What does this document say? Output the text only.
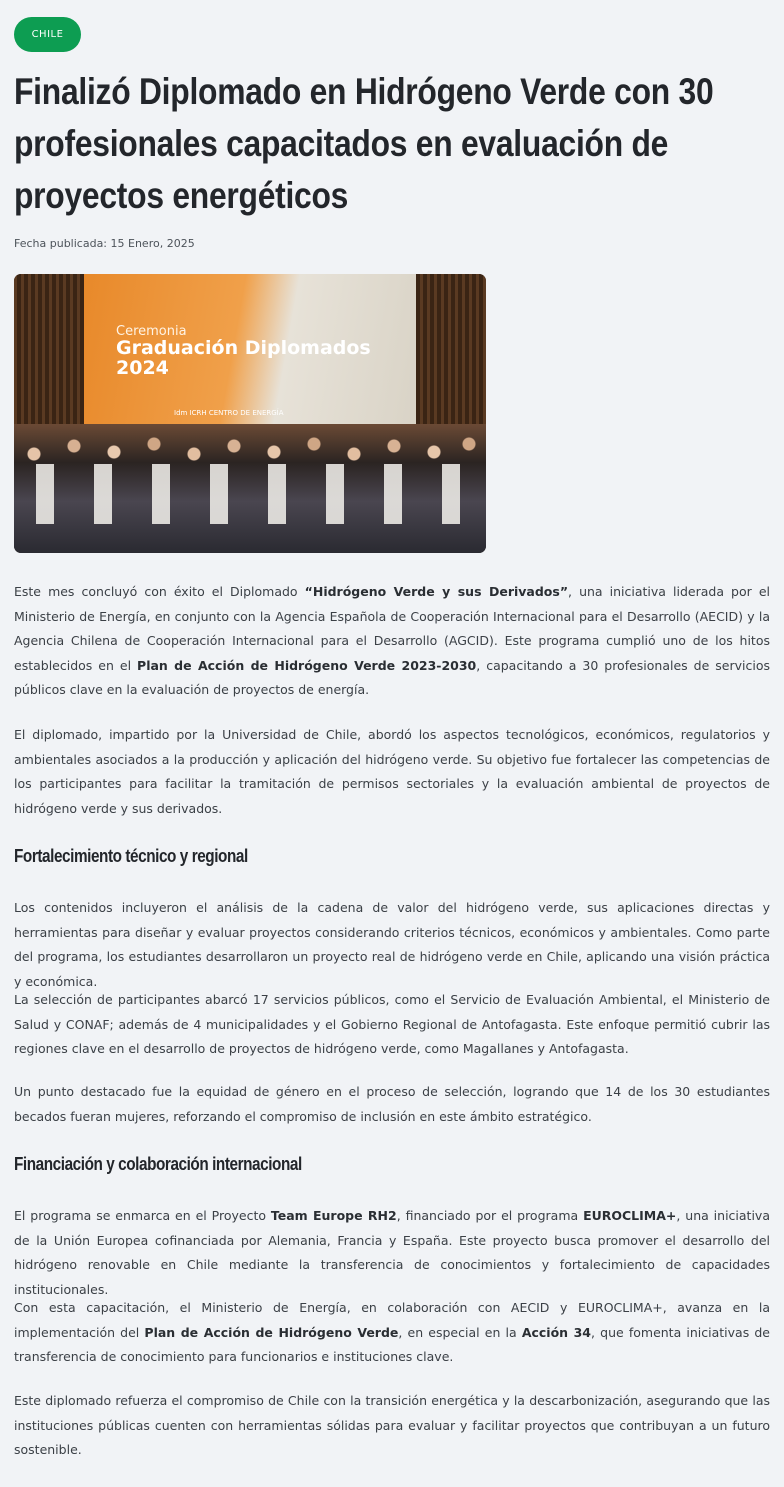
CHILE
Finalizó Diplomado en Hidrógeno Verde con 30 profesionales capacitados en evaluación de proyectos energéticos
Fecha publicada: 15 Enero, 2025
Ceremonia
Graduación Diplomados 2024
Idm ICRH CENTRO DE ENERGÍA

Este mes concluyó con éxito el Diplomado “Hidrógeno Verde y sus Derivados”, una iniciativa liderada por el Ministerio de Energía, en conjunto con la Agencia Española de Cooperación Internacional para el Desarrollo (AECID) y la Agencia Chilena de Cooperación Internacional para el Desarrollo (AGCID). Este programa cumplió uno de los hitos establecidos en el Plan de Acción de Hidrógeno Verde 2023-2030, capacitando a 30 profesionales de servicios públicos clave en la evaluación de proyectos de energía.

El diplomado, impartido por la Universidad de Chile, abordó los aspectos tecnológicos, económicos, regulatorios y ambientales asociados a la producción y aplicación del hidrógeno verde. Su objetivo fue fortalecer las competencias de los participantes para facilitar la tramitación de permisos sectoriales y la evaluación ambiental de proyectos de hidrógeno verde y sus derivados.

Fortalecimiento técnico y regional

Los contenidos incluyeron el análisis de la cadena de valor del hidrógeno verde, sus aplicaciones directas y herramientas para diseñar y evaluar proyectos considerando criterios técnicos, económicos y ambientales. Como parte del programa, los estudiantes desarrollaron un proyecto real de hidrógeno verde en Chile, aplicando una visión práctica y económica.

La selección de participantes abarcó 17 servicios públicos, como el Servicio de Evaluación Ambiental, el Ministerio de Salud y CONAF; además de 4 municipalidades y el Gobierno Regional de Antofagasta. Este enfoque permitió cubrir las regiones clave en el desarrollo de proyectos de hidrógeno verde, como Magallanes y Antofagasta.

Un punto destacado fue la equidad de género en el proceso de selección, logrando que 14 de los 30 estudiantes becados fueran mujeres, reforzando el compromiso de inclusión en este ámbito estratégico.

Financiación y colaboración internacional

El programa se enmarca en el Proyecto Team Europe RH2, financiado por el programa EUROCLIMA+, una iniciativa de la Unión Europea cofinanciada por Alemania, Francia y España. Este proyecto busca promover el desarrollo del hidrógeno renovable en Chile mediante la transferencia de conocimientos y fortalecimiento de capacidades institucionales.

Con esta capacitación, el Ministerio de Energía, en colaboración con AECID y EUROCLIMA+, avanza en la implementación del Plan de Acción de Hidrógeno Verde, en especial en la Acción 34, que fomenta iniciativas de transferencia de conocimiento para funcionarios e instituciones clave.

Este diplomado refuerza el compromiso de Chile con la transición energética y la descarbonización, asegurando que las instituciones públicas cuenten con herramientas sólidas para evaluar y facilitar proyectos que contribuyan a un futuro sostenible.
